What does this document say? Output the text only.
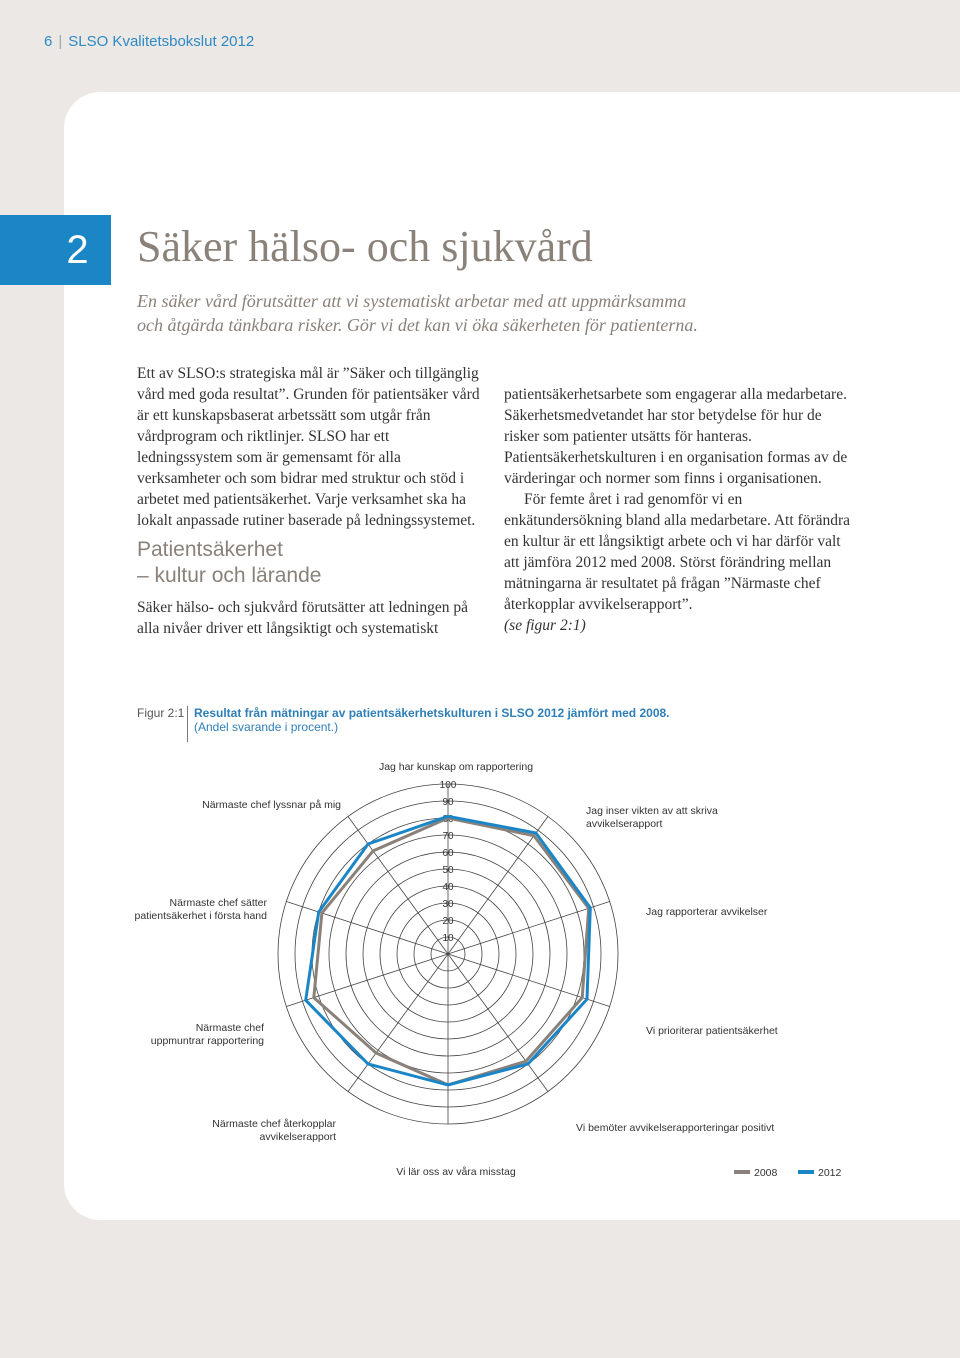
6 | SLSO Kvalitetsbokslut 2012
2	Säker hälso- och sjukvård
En säker vård förutsätter att vi systematiskt arbetar med att uppmärksamma
och åtgärda tänkbara risker. Gör vi det kan vi öka säkerheten för patienterna.

Ett av SLSO:s strategiska mål är ”Säker och tillgänglig vård med goda resultat”. Grunden för patientsäker vård är ett kunskapsbaserat arbetssätt som utgår från vårdprogram och riktlinjer. SLSO har ett ledningssystem som är gemensamt för alla verksamheter och som bidrar med struktur och stöd i arbetet med patientsäkerhet. Varje verksamhet ska ha lokalt anpassade rutiner baserade på ledningssystemet.

Patientsäkerhet
– kultur och lärande

Säker hälso- och sjukvård förutsätter att ledningen på alla nivåer driver ett långsiktigt och systematiskt

patientsäkerhetsarbete som engagerar alla medarbetare. Säkerhetsmedvetandet har stor betydelse för hur de risker som patienter utsätts för hanteras. Patientsäkerhetskulturen i en organisation formas av de värderingar och normer som finns i organisationen.

För femte året i rad genomför vi en enkätundersökning bland alla medarbetare. Att förändra en kultur är ett långsiktigt arbete och vi har därför valt att jämföra 2012 med 2008. Störst förändring mellan mätningarna är resultatet på frågan ”Närmaste chef återkopplar avvikelserapport”.

(se figur 2:1)

Figur 2:1 Resultat från mätningar av patientsäkerhetskulturen i SLSO 2012 jämfört med 2008.
(Andel svarande i procent.)
10
20
30
40
50
60
70
80
90
100
Jag har kunskap om rapportering
Jag inser vikten av att skriva
avvikelserapport
Jag rapporterar avvikelser
Vi prioriterar patientsäkerhet
Vi bemöter avvikelserapporteringar positivt
Vi lär oss av våra misstag
Närmaste chef återkopplar
avvikelserapport
Närmaste chef
uppmuntrar rapportering
Närmaste chef sätter
patientsäkerhet i första hand
Närmaste chef lyssnar på mig
2008	2012
